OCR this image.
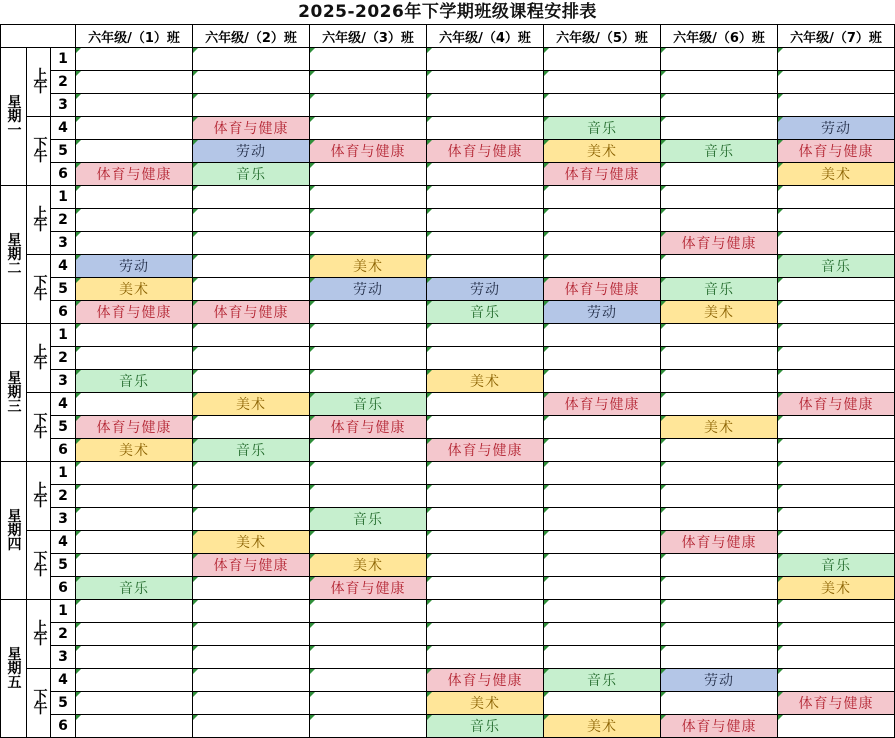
2025-2026年下学期班级课程安排表
			六年级/（1）班	六年级/（2）班	六年级/（3）班	六年级/（4）班	六年级/（5）班	六年级/（6）班	六年级/（7）班
星期一	上午	1							
		2							
		3							
	下午	4		体育与健康			音乐		劳动
		5		劳动	体育与健康	体育与健康	美术	音乐	体育与健康
		6	体育与健康	音乐			体育与健康		美术
星期二	上午	1							
		2							
		3						体育与健康	
	下午	4	劳动		美术				音乐
		5	美术		劳动	劳动	体育与健康	音乐	
		6	体育与健康	体育与健康		音乐	劳动	美术	
星期三	上午	1							
		2							
		3	音乐			美术			
	下午	4		美术	音乐		体育与健康		体育与健康
		5	体育与健康		体育与健康			美术	
		6	美术	音乐		体育与健康			
星期四	上午	1							
		2							
		3			音乐				
	下午	4		美术				体育与健康	
		5		体育与健康	美术				音乐
		6	音乐		体育与健康				美术
星期五	上午	1							
		2							
		3							
	下午	4				体育与健康	音乐	劳动	
		5				美术			体育与健康
		6				音乐	美术	体育与健康	
